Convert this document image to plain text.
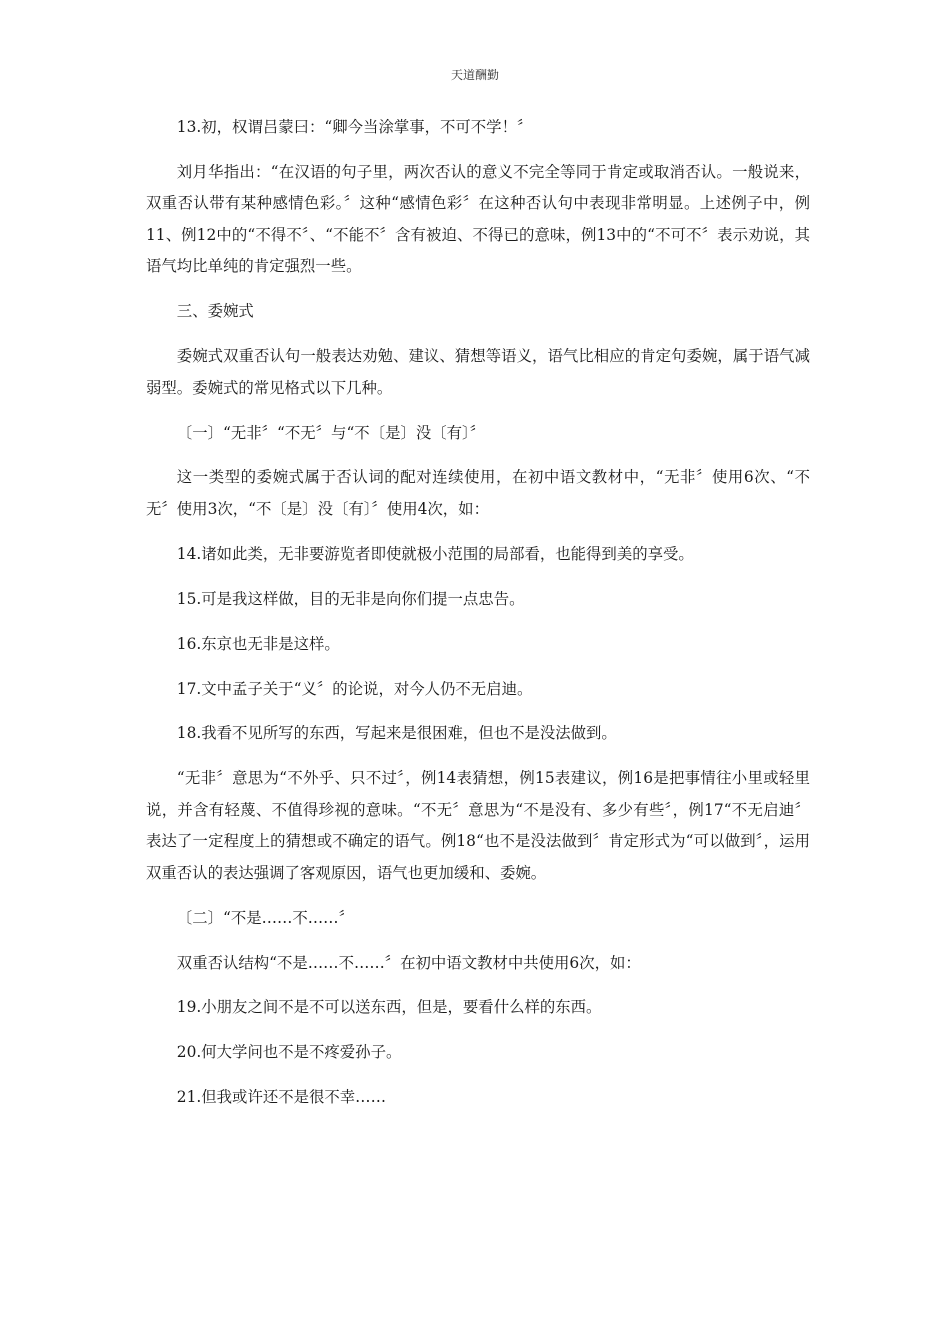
天道酬勤

13.初，权谓吕蒙曰：“卿今当涂掌事，不可不学！〞

刘月华指出：“在汉语的句子里，两次否认的意义不完全等同于肯定或取消否认。一般说来，双重否认带有某种感情色彩。〞这种“感情色彩〞在这种否认句中表现非常明显。上述例子中，例11、例12中的“不得不〞、“不能不〞含有被迫、不得已的意味，例13中的“不可不〞表示劝说，其语气均比单纯的肯定强烈一些。

三、委婉式

委婉式双重否认句一般表达劝勉、建议、猜想等语义，语气比相应的肯定句委婉，属于语气减弱型。委婉式的常见格式以下几种。

〔一〕“无非〞“不无〞与“不〔是〕没〔有〕〞

这一类型的委婉式属于否认词的配对连续使用，在初中语文教材中，“无非〞使用6次、“不无〞使用3次，“不〔是〕没〔有〕〞使用4次，如：

14.诸如此类，无非要游览者即使就极小范围的局部看，也能得到美的享受。

15.可是我这样做，目的无非是向你们提一点忠告。

16.东京也无非是这样。

17.文中孟子关于“义〞的论说，对今人仍不无启迪。

18.我看不见所写的东西，写起来是很困难，但也不是没法做到。

“无非〞意思为“不外乎、只不过〞，例14表猜想，例15表建议，例16是把事情往小里或轻里说，并含有轻蔑、不值得珍视的意味。“不无〞意思为“不是没有、多少有些〞，例17“不无启迪〞表达了一定程度上的猜想或不确定的语气。例18“也不是没法做到〞肯定形式为“可以做到〞，运用双重否认的表达强调了客观原因，语气也更加缓和、委婉。

〔二〕“不是……不……〞

双重否认结构“不是……不……〞在初中语文教材中共使用6次，如：

19.小朋友之间不是不可以送东西，但是，要看什么样的东西。

20.何大学问也不是不疼爱孙子。

21.但我或许还不是很不幸……
